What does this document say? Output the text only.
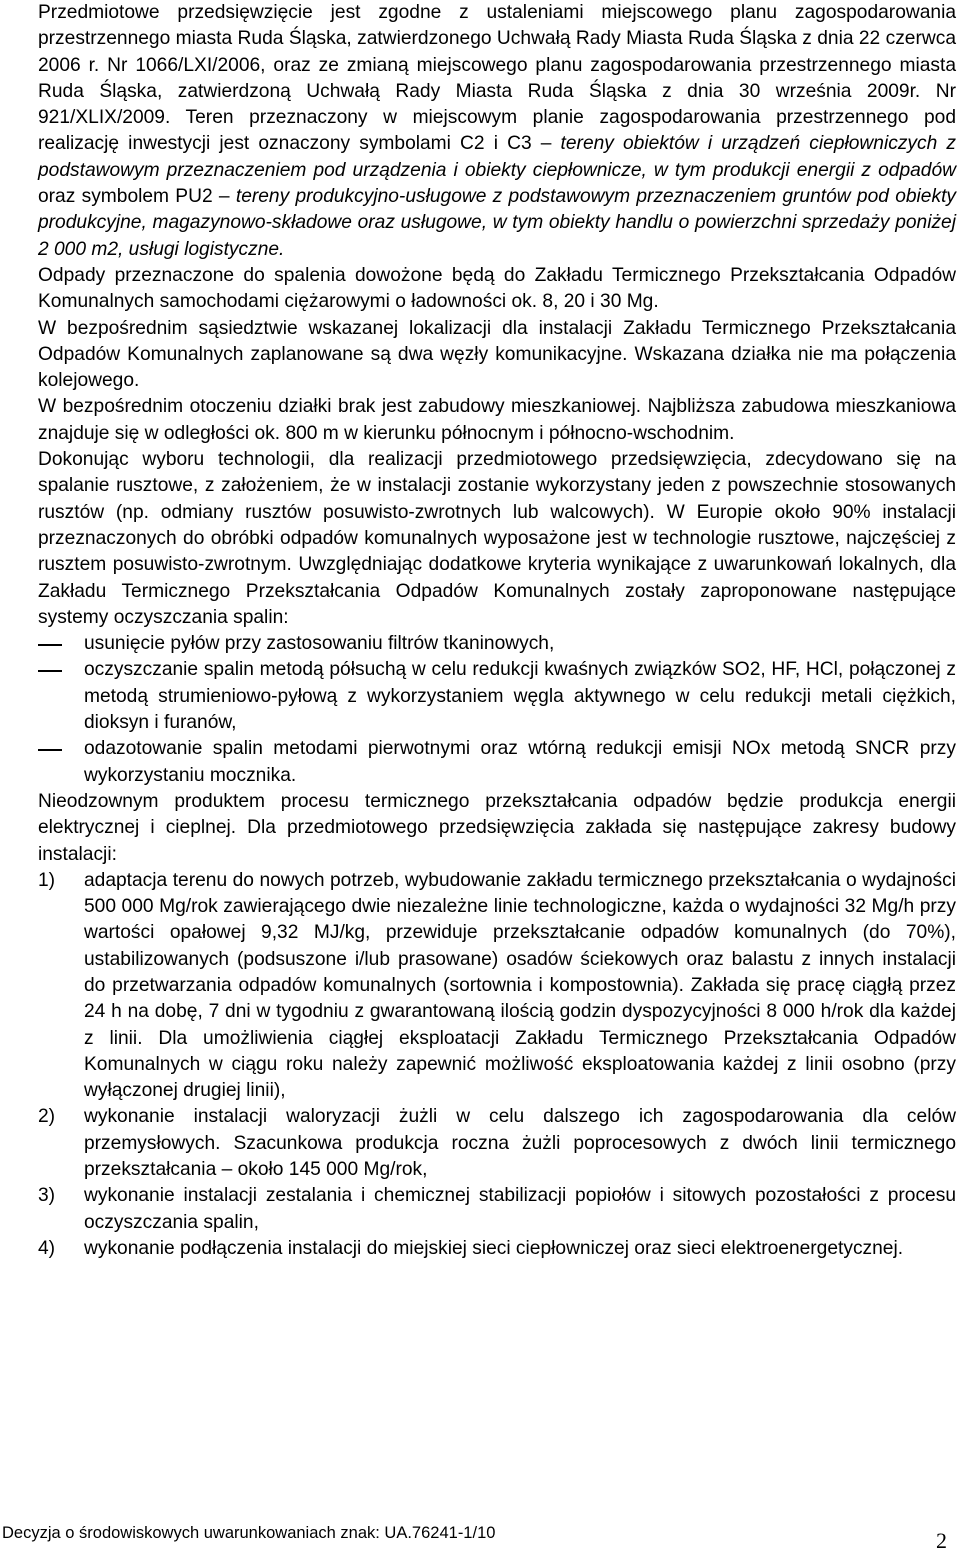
Przedmiotowe przedsięwzięcie jest zgodne z ustaleniami miejscowego planu zagospodarowania przestrzennego miasta Ruda Śląska, zatwierdzonego Uchwałą Rady Miasta Ruda Śląska z dnia 22 czerwca 2006 r. Nr 1066/LXI/2006, oraz ze zmianą miejscowego planu zagospodarowania przestrzennego miasta Ruda Śląska, zatwierdzoną Uchwałą Rady Miasta Ruda Śląska z dnia 30 września 2009r. Nr 921/XLIX/2009. Teren przeznaczony w miejscowym planie zagospodarowania przestrzennego pod realizację inwestycji jest oznaczony symbolami C2 i C3 – tereny obiektów i urządzeń ciepłowniczych z podstawowym przeznaczeniem pod urządzenia i obiekty ciepłownicze, w tym produkcji energii z odpadów oraz symbolem PU2 – tereny produkcyjno-usługowe z podstawowym przeznaczeniem gruntów pod obiekty produkcyjne, magazynowo-składowe oraz usługowe, w tym obiekty handlu o powierzchni sprzedaży poniżej 2 000 m2, usługi logistyczne.

Odpady przeznaczone do spalenia dowożone będą do Zakładu Termicznego Przekształcania Odpadów Komunalnych samochodami ciężarowymi o ładowności ok. 8, 20 i 30 Mg.

W bezpośrednim sąsiedztwie wskazanej lokalizacji dla instalacji Zakładu Termicznego Przekształcania Odpadów Komunalnych zaplanowane są dwa węzły komunikacyjne. Wskazana działka nie ma połączenia kolejowego.

W bezpośrednim otoczeniu działki brak jest zabudowy mieszkaniowej. Najbliższa zabudowa mieszkaniowa znajduje się w odległości ok. 800 m w kierunku północnym i północno-wschodnim.

Dokonując wyboru technologii, dla realizacji przedmiotowego przedsięwzięcia, zdecydowano się na spalanie rusztowe, z założeniem, że w instalacji zostanie wykorzystany jeden z powszechnie stosowanych rusztów (np. odmiany rusztów posuwisto-zwrotnych lub walcowych). W Europie około 90% instalacji przeznaczonych do obróbki odpadów komunalnych wyposażone jest w technologie rusztowe, najczęściej z rusztem posuwisto-zwrotnym. Uwzględniając dodatkowe kryteria wynikające z uwarunkowań lokalnych, dla Zakładu Termicznego Przekształcania Odpadów Komunalnych zostały zaproponowane następujące systemy oczyszczania spalin:

usunięcie pyłów przy zastosowaniu filtrów tkaninowych,
oczyszczanie spalin metodą półsuchą w celu redukcji kwaśnych związków SO2, HF, HCl, połączonej z metodą strumieniowo-pyłową z wykorzystaniem węgla aktywnego w celu redukcji metali ciężkich, dioksyn i furanów,
odazotowanie spalin metodami pierwotnymi oraz wtórną redukcji emisji NOx metodą SNCR przy wykorzystaniu mocznika.

Nieodzownym produktem procesu termicznego przekształcania odpadów będzie produkcja energii elektrycznej i cieplnej. Dla przedmiotowego przedsięwzięcia zakłada się następujące zakresy budowy instalacji:

1) adaptacja terenu do nowych potrzeb, wybudowanie zakładu termicznego przekształcania o wydajności 500 000 Mg/rok zawierającego dwie niezależne linie technologiczne, każda o wydajności 32 Mg/h przy wartości opałowej 9,32 MJ/kg, przewiduje przekształcanie odpadów komunalnych (do 70%), ustabilizowanych (podsuszone i/lub prasowane) osadów ściekowych oraz balastu z innych instalacji do przetwarzania odpadów komunalnych (sortownia i kompostownia). Zakłada się pracę ciągłą przez 24 h na dobę, 7 dni w tygodniu z gwarantowaną ilością godzin dyspozycyjności 8 000 h/rok dla każdej z linii. Dla umożliwienia ciągłej eksploatacji Zakładu Termicznego Przekształcania Odpadów Komunalnych w ciągu roku należy zapewnić możliwość eksploatowania każdej z linii osobno (przy wyłączonej drugiej linii),
2) wykonanie instalacji waloryzacji żużli w celu dalszego ich zagospodarowania dla celów przemysłowych. Szacunkowa produkcja roczna żużli poprocesowych z dwóch linii termicznego przekształcania – około 145 000 Mg/rok,
3) wykonanie instalacji zestalania i chemicznej stabilizacji popiołów i sitowych pozostałości z procesu oczyszczania spalin,
4) wykonanie podłączenia instalacji do miejskiej sieci ciepłowniczej oraz sieci elektroenergetycznej.
Decyzja o środowiskowych uwarunkowaniach znak: UA.76241-1/10	2
